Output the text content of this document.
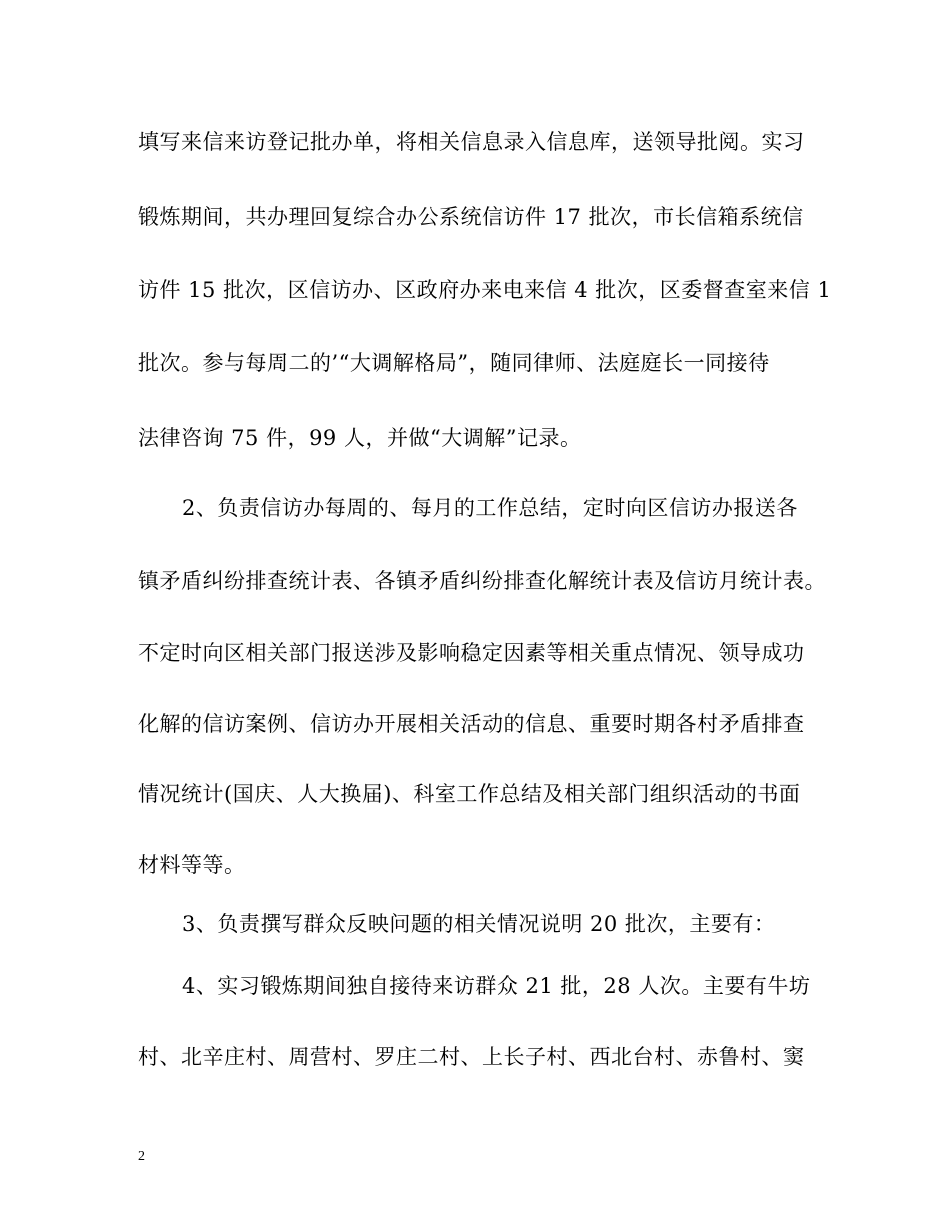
填写来信来访登记批办单，将相关信息录入信息库，送领导批阅。实习
锻炼期间，共办理回复综合办公系统信访件 17 批次，市长信箱系统信
访件 15 批次，区信访办、区政府办来电来信 4 批次，区委督查室来信 1
批次。参与每周二的’“大调解格局”，随同律师、法庭庭长一同接待
法律咨询 75 件，99 人，并做“大调解”记录。
2、负责信访办每周的、每月的工作总结，定时向区信访办报送各
镇矛盾纠纷排查统计表、各镇矛盾纠纷排查化解统计表及信访月统计表。
不定时向区相关部门报送涉及影响稳定因素等相关重点情况、领导成功
化解的信访案例、信访办开展相关活动的信息、重要时期各村矛盾排查
情况统计(国庆、人大换届)、科室工作总结及相关部门组织活动的书面
材料等等。
3、负责撰写群众反映问题的相关情况说明 20 批次，主要有：
4、实习锻炼期间独自接待来访群众 21 批，28 人次。主要有牛坊
村、北辛庄村、周营村、罗庄二村、上长子村、西北台村、赤鲁村、窦
2
